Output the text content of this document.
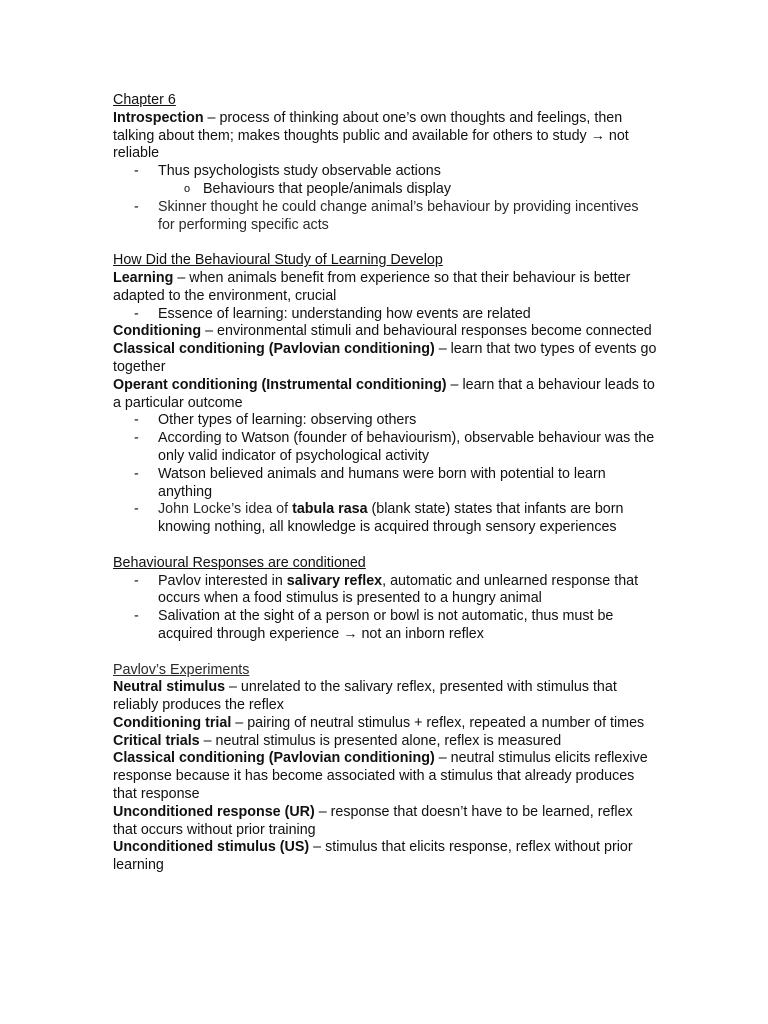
Chapter 6

Introspection – process of thinking about one’s own thoughts and feelings, then talking about them; makes thoughts public and available for others to study → not reliable

- Thus psychologists study observable actions
o Behaviours that people/animals display
- Skinner thought he could change animal’s behaviour by providing incentives for performing specific acts

How Did the Behavioural Study of Learning Develop

Learning – when animals benefit from experience so that their behaviour is better adapted to the environment, crucial

- Essence of learning: understanding how events are related

Conditioning – environmental stimuli and behavioural responses become connected

Classical conditioning (Pavlovian conditioning) – learn that two types of events go together

Operant conditioning (Instrumental conditioning) – learn that a behaviour leads to a particular outcome

- Other types of learning: observing others
- According to Watson (founder of behaviourism), observable behaviour was the only valid indicator of psychological activity
- Watson believed animals and humans were born with potential to learn anything
- John Locke’s idea of tabula rasa (blank state) states that infants are born knowing nothing, all knowledge is acquired through sensory experiences

Behavioural Responses are conditioned

- Pavlov interested in salivary reflex, automatic and unlearned response that occurs when a food stimulus is presented to a hungry animal
- Salivation at the sight of a person or bowl is not automatic, thus must be acquired through experience → not an inborn reflex

Pavlov’s Experiments

Neutral stimulus – unrelated to the salivary reflex, presented with stimulus that reliably produces the reflex

Conditioning trial – pairing of neutral stimulus + reflex, repeated a number of times

Critical trials – neutral stimulus is presented alone, reflex is measured

Classical conditioning (Pavlovian conditioning) – neutral stimulus elicits reflexive response because it has become associated with a stimulus that already produces that response

Unconditioned response (UR) – response that doesn’t have to be learned, reflex that occurs without prior training

Unconditioned stimulus (US) – stimulus that elicits response, reflex without prior learning
